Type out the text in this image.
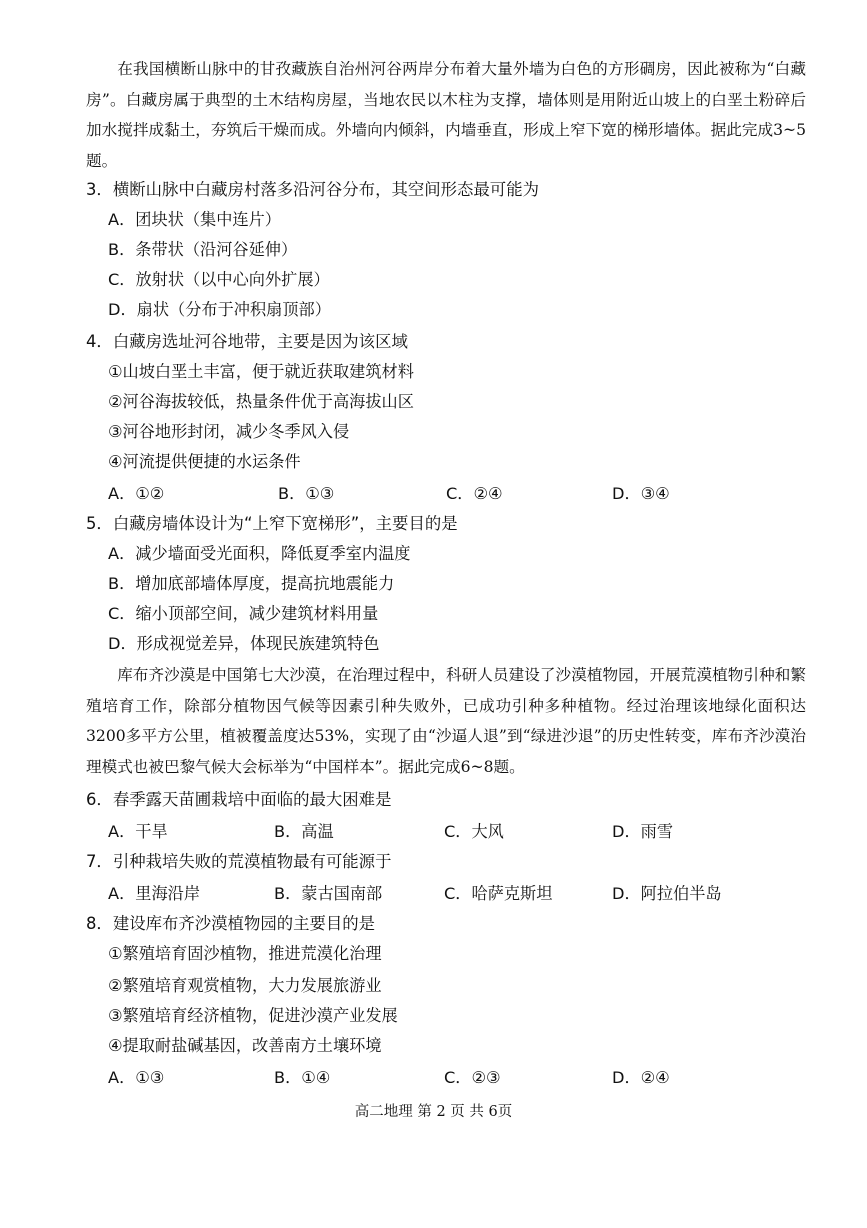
在我国横断山脉中的甘孜藏族自治州河谷两岸分布着大量外墙为白色的方形碉房，因此被称为“白藏房”。白藏房属于典型的土木结构房屋，当地农民以木柱为支撑，墙体则是用附近山坡上的白垩土粉碎后加水搅拌成黏土，夯筑后干燥而成。外墙向内倾斜，内墙垂直，形成上窄下宽的梯形墙体。据此完成3~5题。

3．横断山脉中白藏房村落多沿河谷分布，其空间形态最可能为
A．团块状（集中连片）
B．条带状（沿河谷延伸）
C．放射状（以中心向外扩展）
D．扇状（分布于冲积扇顶部）
4．白藏房选址河谷地带，主要是因为该区域
①山坡白垩土丰富，便于就近获取建筑材料
②河谷海拔较低，热量条件优于高海拔山区
③河谷地形封闭，减少冬季风入侵
④河流提供便捷的水运条件
A．①②	B．①③	C．②④	D．③④
5．白藏房墙体设计为“上窄下宽梯形”，主要目的是
A．减少墙面受光面积，降低夏季室内温度
B．增加底部墙体厚度，提高抗地震能力
C．缩小顶部空间，减少建筑材料用量
D．形成视觉差异，体现民族建筑特色

库布齐沙漠是中国第七大沙漠，在治理过程中，科研人员建设了沙漠植物园，开展荒漠植物引种和繁殖培育工作，除部分植物因气候等因素引种失败外，已成功引种多种植物。经过治理该地绿化面积达3200多平方公里，植被覆盖度达53%，实现了由“沙逼人退”到“绿进沙退”的历史性转变，库布齐沙漠治理模式也被巴黎气候大会标举为“中国样本”。据此完成6~8题。

6．春季露天苗圃栽培中面临的最大困难是
A．干旱	B．高温	C．大风	D．雨雪
7．引种栽培失败的荒漠植物最有可能源于
A．里海沿岸	B．蒙古国南部	C．哈萨克斯坦	D．阿拉伯半岛
8．建设库布齐沙漠植物园的主要目的是
①繁殖培育固沙植物，推进荒漠化治理
②繁殖培育观赏植物，大力发展旅游业
③繁殖培育经济植物，促进沙漠产业发展
④提取耐盐碱基因，改善南方土壤环境
A．①③	B．①④	C．②③	D．②④
高二地理 第 2 页 共 6页
